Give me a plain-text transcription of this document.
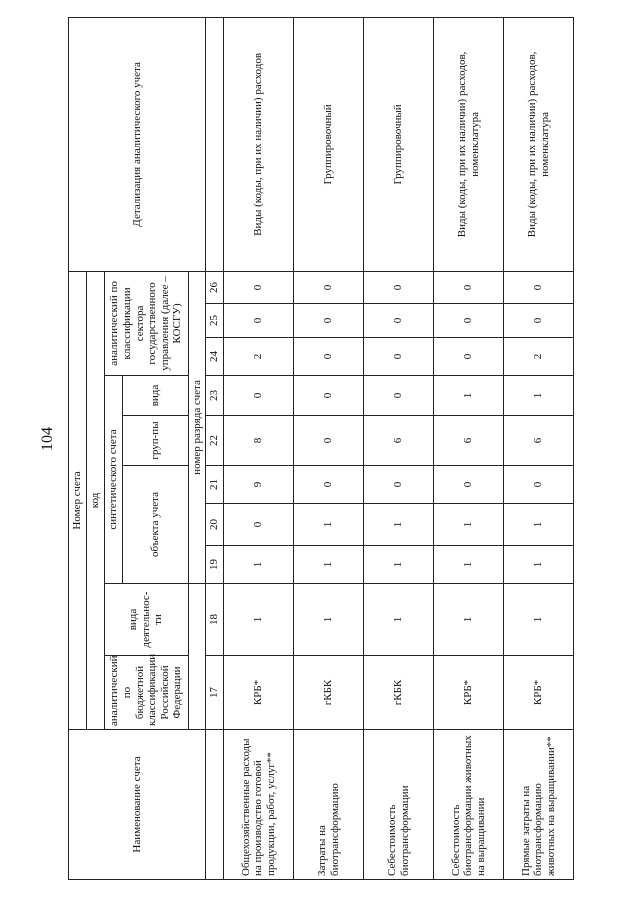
104
Наименование счета	Номер счета										Детализация аналитического учета
	код										
	аналитический по бюджетной классификации Российской Федерации	вида деятельнос-ти	синтетического счета					аналитический по классификации сектора государственного управления (далее – КОСГУ)			
			объекта учета			груп-пы	вида				
			номер разряда счета								
	17	18	19	20	21	22	23	24	25	26	
Общехозяйственные расходы на производство готовой продукции, работ, услуг**	КРБ*	1	1	0	9	8	0	2	0	0	Виды (коды, при их наличии) расходов
Затраты на биотрансформацию	гКБК	1	1	1	0	0	0	0	0	0	Группировочный
Себестоимость биотрансформации	гКБК	1	1	1	0	6	0	0	0	0	Группировочный
Себестоимость биотрансформации животных на выращивании	КРБ*	1	1	1	0	6	1	0	0	0	Виды (коды, при их наличии) расходов, номенклатура
Прямые затраты на биотрансформацию животных на выращивании**	КРБ*	1	1	1	0	6	1	2	0	0	Виды (коды, при их наличии) расходов, номенклатура
